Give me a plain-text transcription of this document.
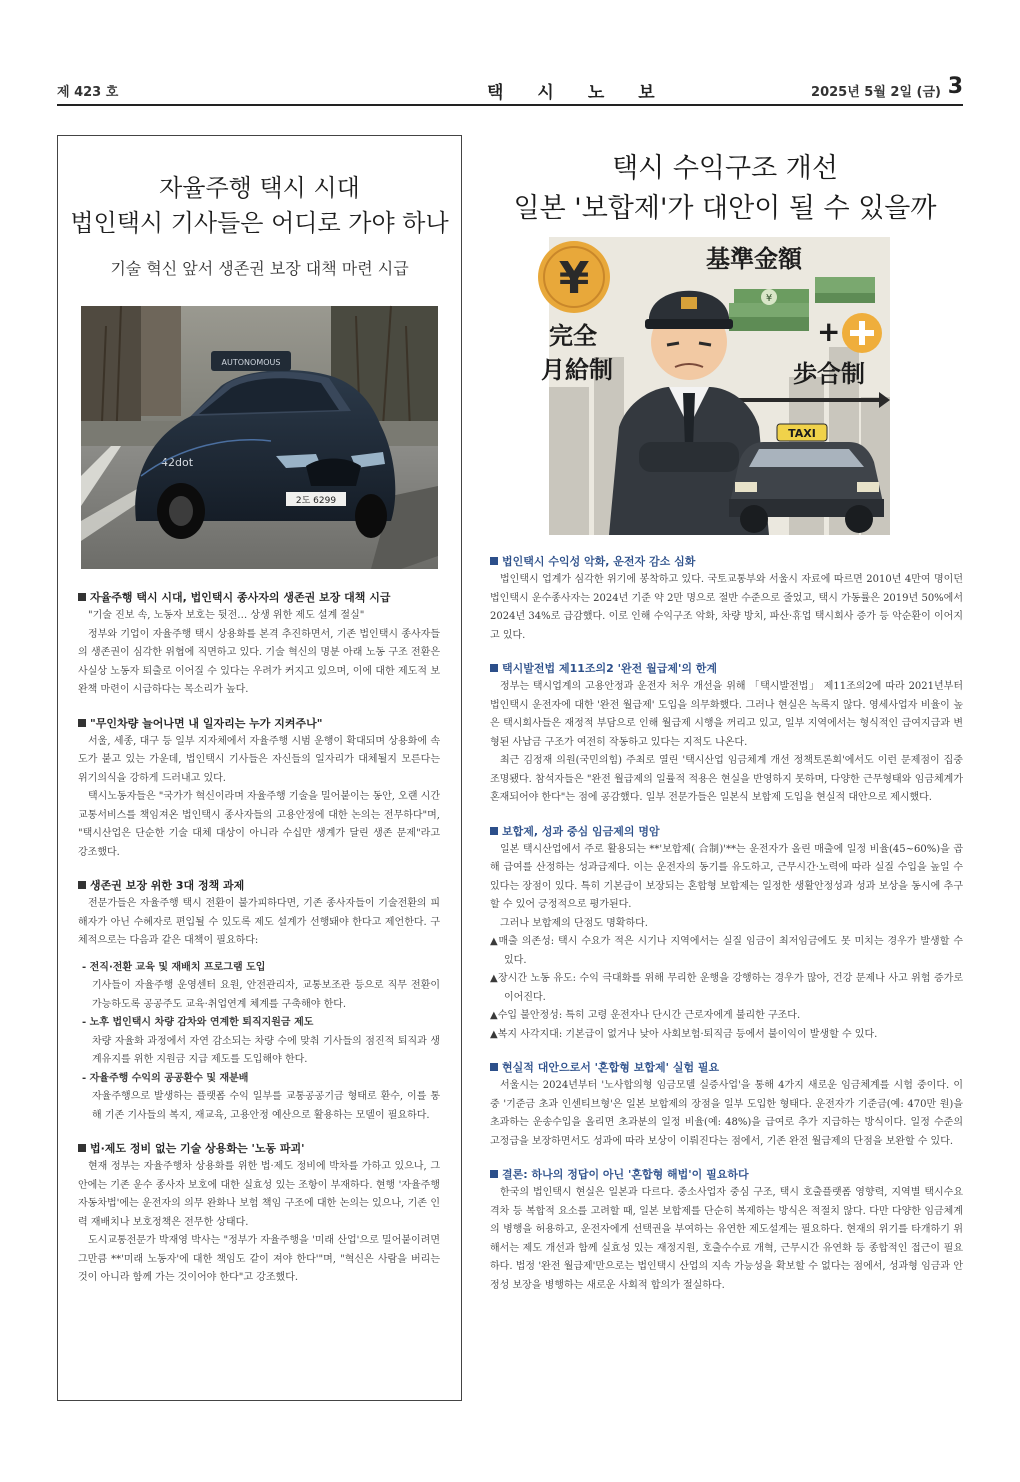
제 423 호	택시노보	2025년 5월 2일 (금) 3
자율주행 택시 시대
법인택시 기사들은 어디로 가야 하나
기술 혁신 앞서 생존권 보장 대책 마련 시급
AUTONOMOUS
2도 6299
42dot
자율주행 택시 시대, 법인택시 종사자의 생존권 보장 대책 시급

"기술 진보 속, 노동자 보호는 뒷전… 상생 위한 제도 설계 절실"

정부와 기업이 자율주행 택시 상용화를 본격 추진하면서, 기존 법인택시 종사자들의 생존권이 심각한 위협에 직면하고 있다. 기술 혁신의 명분 아래 노동 구조 전환은 사실상 노동자 퇴출로 이어질 수 있다는 우려가 커지고 있으며, 이에 대한 제도적 보완책 마련이 시급하다는 목소리가 높다.

"무인차량 늘어나면 내 일자리는 누가 지켜주나"

서울, 세종, 대구 등 일부 지자체에서 자율주행 시범 운행이 확대되며 상용화에 속도가 붙고 있는 가운데, 법인택시 기사들은 자신들의 일자리가 대체될지 모른다는 위기의식을 강하게 드러내고 있다.

택시노동자들은 "국가가 혁신이라며 자율주행 기술을 밀어붙이는 동안, 오랜 시간 교통서비스를 책임져온 법인택시 종사자들의 고용안정에 대한 논의는 전무하다"며, "택시산업은 단순한 기술 대체 대상이 아니라 수십만 생계가 달린 생존 문제"라고 강조했다.

생존권 보장 위한 3대 정책 과제

전문가들은 자율주행 택시 전환이 불가피하다면, 기존 종사자들이 기술전환의 피해자가 아닌 수혜자로 편입될 수 있도록 제도 설계가 선행돼야 한다고 제언한다. 구체적으로는 다음과 같은 대책이 필요하다:

- 전직·전환 교육 및 재배치 프로그램 도입
기사들이 자율주행 운영센터 요원, 안전관리자, 교통보조관 등으로 직무 전환이 가능하도록 공공주도 교육·취업연계 체계를 구축해야 한다.
- 노후 법인택시 차량 감차와 연계한 퇴직지원금 제도
차량 자율화 과정에서 자연 감소되는 차량 수에 맞춰 기사들의 점진적 퇴직과 생계유지를 위한 지원금 지급 제도를 도입해야 한다.
- 자율주행 수익의 공공환수 및 재분배
자율주행으로 발생하는 플랫폼 수익 일부를 교통공공기금 형태로 환수, 이를 통해 기존 기사들의 복지, 재교육, 고용안정 예산으로 활용하는 모델이 필요하다.
법·제도 정비 없는 기술 상용화는 '노동 파괴'

현재 정부는 자율주행차 상용화를 위한 법·제도 정비에 박차를 가하고 있으나, 그 안에는 기존 운수 종사자 보호에 대한 실효성 있는 조항이 부재하다. 현행 '자율주행자동차법'에는 운전자의 의무 완화나 보험 책임 구조에 대한 논의는 있으나, 기존 인력 재배치나 보호정책은 전무한 상태다.

도시교통전문가 박재영 박사는 "정부가 자율주행을 '미래 산업'으로 밀어붙이려면 그만큼 **'미래 노동자'에 대한 책임도 같이 져야 한다'"며, "혁신은 사람을 버리는 것이 아니라 함께 가는 것이어야 한다"고 강조했다.

택시 수익구조 개선
일본 '보합제'가 대안이 될 수 있을까
¥
完全
月給制
基準金額
¥
+
歩合制
TAXI
법인택시 수익성 악화, 운전자 감소 심화

법인택시 업계가 심각한 위기에 봉착하고 있다. 국토교통부와 서울시 자료에 따르면 2010년 4만여 명이던 법인택시 운수종사자는 2024년 기준 약 2만 명으로 절반 수준으로 줄었고, 택시 가동률은 2019년 50%에서 2024년 34%로 급감했다. 이로 인해 수익구조 악화, 차량 방치, 파산·휴업 택시회사 증가 등 악순환이 이어지고 있다.

택시발전법 제11조의2 '완전 월급제'의 한계

정부는 택시업계의 고용안정과 운전자 처우 개선을 위해 「택시발전법」 제11조의2에 따라 2021년부터 법인택시 운전자에 대한 '완전 월급제' 도입을 의무화했다. 그러나 현실은 녹록지 않다. 영세사업자 비율이 높은 택시회사들은 재정적 부담으로 인해 월급제 시행을 꺼리고 있고, 일부 지역에서는 형식적인 급여지급과 변형된 사납금 구조가 여전히 작동하고 있다는 지적도 나온다.

최근 김정재 의원(국민의힘) 주최로 열린 '택시산업 임금체계 개선 정책토론회'에서도 이런 문제점이 집중 조명됐다. 참석자들은 "완전 월급제의 일률적 적용은 현실을 반영하지 못하며, 다양한 근무형태와 임금체계가 혼재되어야 한다"는 점에 공감했다. 일부 전문가들은 일본식 보합제 도입을 현실적 대안으로 제시했다.

보합제, 성과 중심 임금제의 명암

일본 택시산업에서 주로 활용되는 **'보합제( 合制)'**는 운전자가 올린 매출에 일정 비율(45~60%)을 곱해 급여를 산정하는 성과급제다. 이는 운전자의 동기를 유도하고, 근무시간·노력에 따라 실질 수입을 높일 수 있다는 장점이 있다. 특히 기본급이 보장되는 혼합형 보합제는 일정한 생활안정성과 성과 보상을 동시에 추구할 수 있어 긍정적으로 평가된다.

그러나 보합제의 단점도 명확하다.

▲매출 의존성: 택시 수요가 적은 시기나 지역에서는 실질 임금이 최저임금에도 못 미치는 경우가 발생할 수 있다.
▲장시간 노동 유도: 수익 극대화를 위해 무리한 운행을 강행하는 경우가 많아, 건강 문제나 사고 위험 증가로 이어진다.
▲수입 불안정성: 특히 고령 운전자나 단시간 근로자에게 불리한 구조다.
▲복지 사각지대: 기본급이 없거나 낮아 사회보험·퇴직금 등에서 불이익이 발생할 수 있다.
현실적 대안으로서 '혼합형 보합제' 실험 필요

서울시는 2024년부터 '노사합의형 임금모델 실증사업'을 통해 4가지 새로운 임금체계를 시험 중이다. 이 중 '기준금 초과 인센티브형'은 일본 보합제의 장점을 일부 도입한 형태다. 운전자가 기준금(예: 470만 원)을 초과하는 운송수입을 올리면 초과분의 일정 비율(예: 48%)을 급여로 추가 지급하는 방식이다. 일정 수준의 고정급을 보장하면서도 성과에 따라 보상이 이뤄진다는 점에서, 기존 완전 월급제의 단점을 보완할 수 있다.

결론: 하나의 정답이 아닌 '혼합형 해법'이 필요하다

한국의 법인택시 현실은 일본과 다르다. 중소사업자 중심 구조, 택시 호출플랫폼 영향력, 지역별 택시수요 격차 등 복합적 요소를 고려할 때, 일본 보합제를 단순히 복제하는 방식은 적절치 않다. 다만 다양한 임금체계의 병행을 허용하고, 운전자에게 선택권을 부여하는 유연한 제도설계는 필요하다. 현재의 위기를 타개하기 위해서는 제도 개선과 함께 실효성 있는 재정지원, 호출수수료 개혁, 근무시간 유연화 등 종합적인 접근이 필요하다. 법정 '완전 월급제'만으로는 법인택시 산업의 지속 가능성을 확보할 수 없다는 점에서, 성과형 임금과 안정성 보장을 병행하는 새로운 사회적 합의가 절실하다.
